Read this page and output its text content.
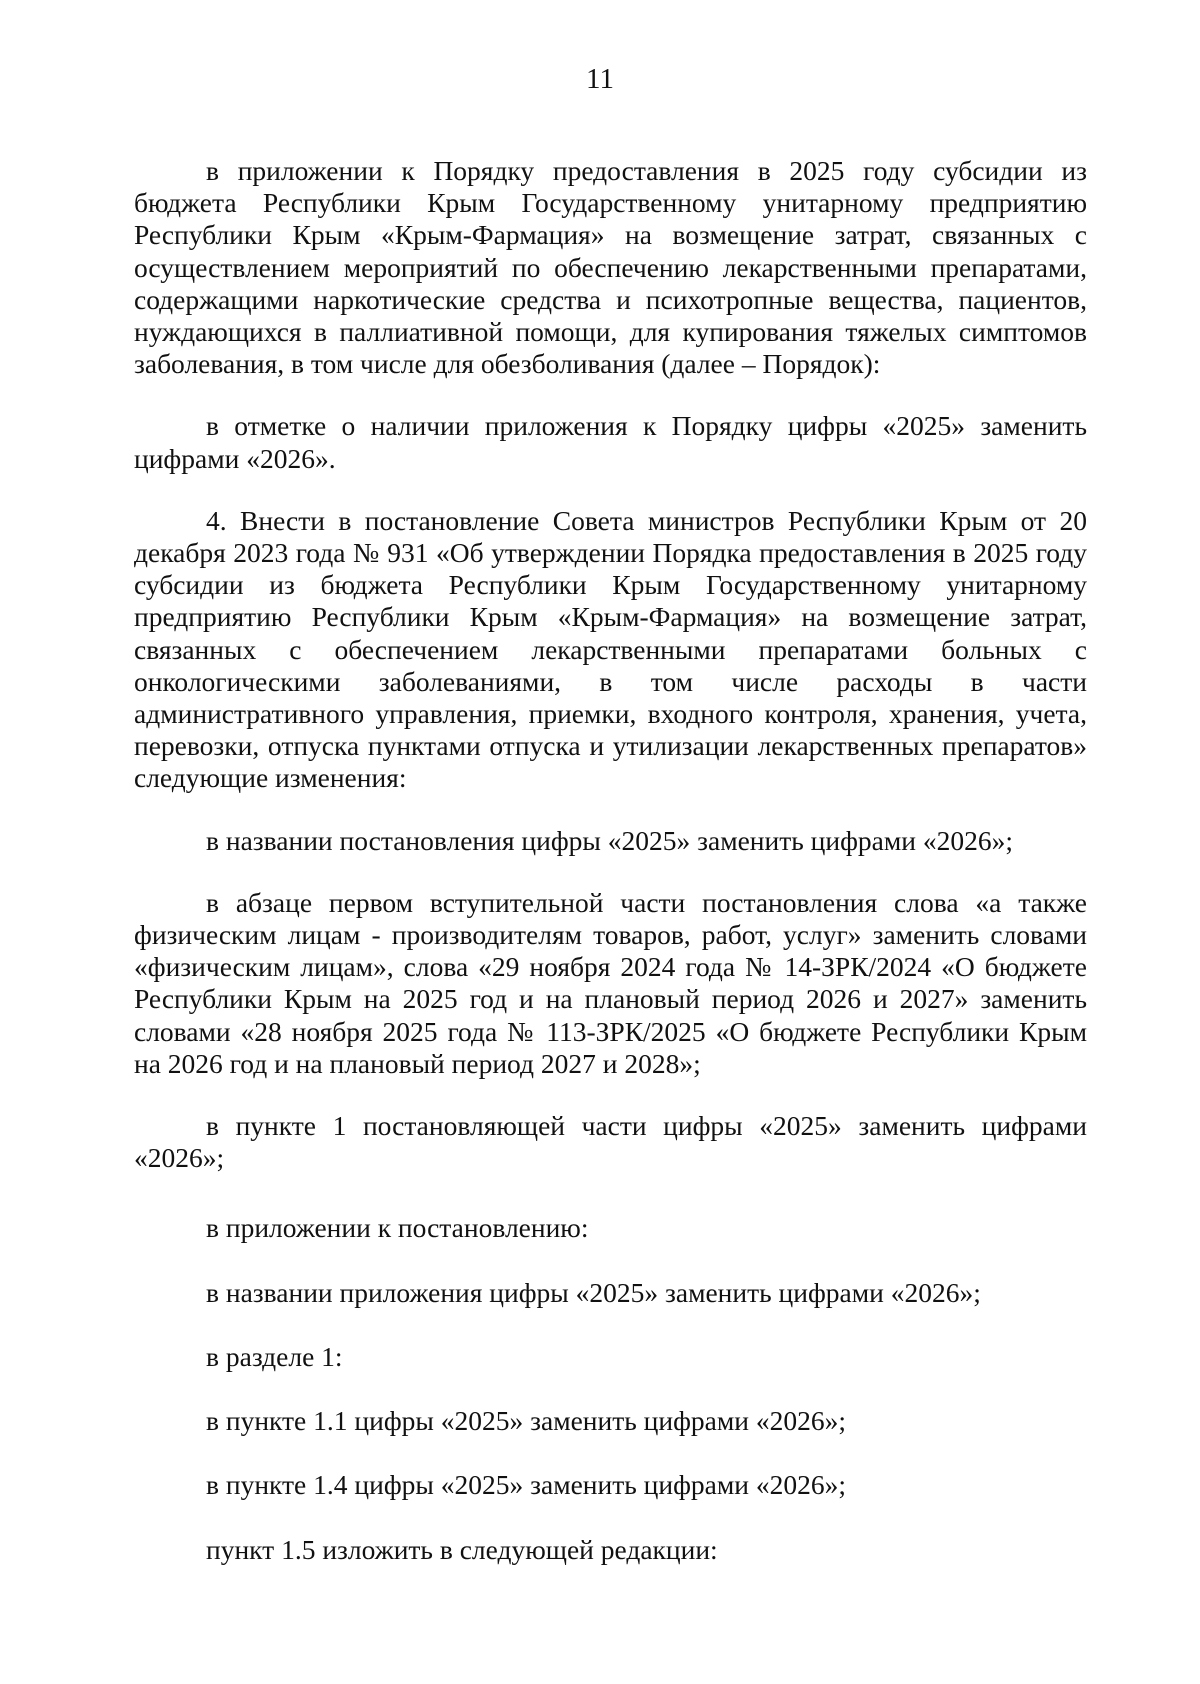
11

в приложении к Порядку предоставления в 2025 году субсидии из бюджета Республики Крым Государственному унитарному предприятию Республики Крым «Крым-Фармация» на возмещение затрат, связанных с осуществлением мероприятий по обеспечению лекарственными препаратами, содержащими наркотические средства и психотропные вещества, пациентов, нуждающихся в паллиативной помощи, для купирования тяжелых симптомов заболевания, в том числе для обезболивания (далее – Порядок):

в отметке о наличии приложения к Порядку цифры «2025» заменить цифрами «2026».

4. Внести в постановление Совета министров Республики Крым от 20 декабря 2023 года № 931 «Об утверждении Порядка предоставления в 2025 году субсидии из бюджета Республики Крым Государственному унитарному предприятию Республики Крым «Крым-Фармация» на возмещение затрат, связанных с обеспечением лекарственными препаратами больных с онкологическими заболеваниями, в том числе расходы в части административного управления, приемки, входного контроля, хранения, учета, перевозки, отпуска пунктами отпуска и утилизации лекарственных препаратов» следующие изменения:

в названии постановления цифры «2025» заменить цифрами «2026»;

в абзаце первом вступительной части постановления слова «а также физическим лицам - производителям товаров, работ, услуг» заменить словами «физическим лицам», слова «29 ноября 2024 года № 14-ЗРК/2024 «О бюджете Республики Крым на 2025 год и на плановый период 2026 и 2027» заменить словами «28 ноября 2025 года № 113-ЗРК/2025 «О бюджете Республики Крым на 2026 год и на плановый период 2027 и 2028»;

в пункте 1 постановляющей части цифры «2025» заменить цифрами «2026»;

в приложении к постановлению:

в названии приложения цифры «2025» заменить цифрами «2026»;

в разделе 1:

в пункте 1.1 цифры «2025» заменить цифрами «2026»;

в пункте 1.4 цифры «2025» заменить цифрами «2026»;

пункт 1.5 изложить в следующей редакции:
